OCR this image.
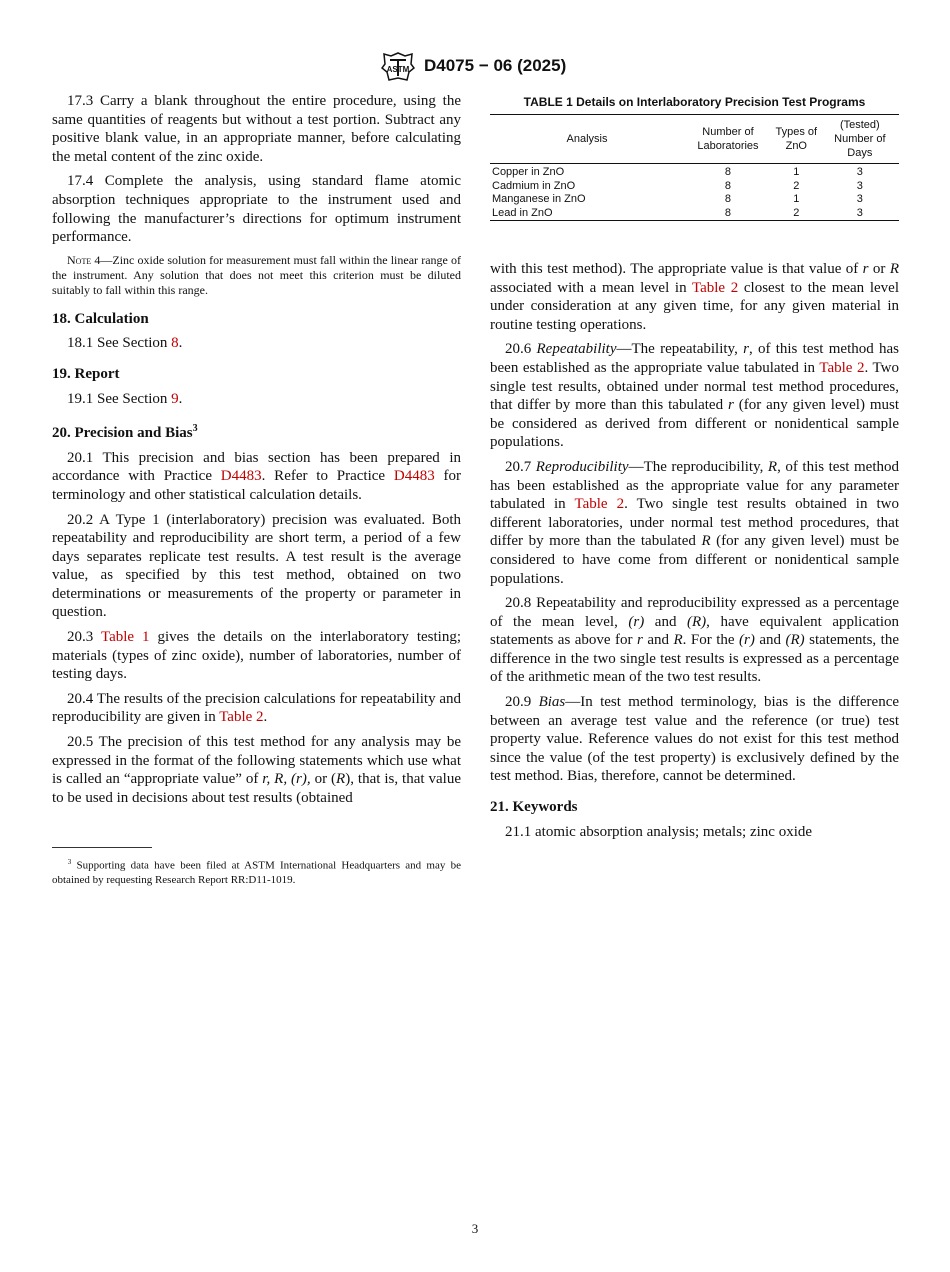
ASTM D4075 − 06 (2025)

17.3 Carry a blank throughout the entire procedure, using the same quantities of reagents but without a test portion. Subtract any positive blank value, in an appropriate manner, before calculating the metal content of the zinc oxide.

17.4 Complete the analysis, using standard flame atomic absorption techniques appropriate to the instrument used and following the manufacturer’s directions for optimum instrument performance.

Note 4—Zinc oxide solution for measurement must fall within the linear range of the instrument. Any solution that does not meet this criterion must be diluted suitably to fall within this range.

18. Calculation

18.1 See Section 8.

19. Report

19.1 See Section 9.

20. Precision and Bias$^3$

20.1 This precision and bias section has been prepared in accordance with Practice D4483. Refer to Practice D4483 for terminology and other statistical calculation details.

20.2 A Type 1 (interlaboratory) precision was evaluated. Both repeatability and reproducibility are short term, a period of a few days separates replicate test results. A test result is the average value, as specified by this test method, obtained on two determinations or measurements of the property or parameter in question.

20.3 Table 1 gives the details on the interlaboratory testing; materials (types of zinc oxide), number of laboratories, number of testing days.

20.4 The results of the precision calculations for repeatability and reproducibility are given in Table 2.

20.5 The precision of this test method for any analysis may be expressed in the format of the following statements which use what is called an “appropriate value” of r, R, (r), or (R), that is, that value to be used in decisions about test results (obtained

TABLE 1 Details on Interlaboratory Precision Test Programs
Analysis	Number of Laboratories	Types of ZnO	(Tested) Number of Days
Copper in ZnO	8	1	3
Cadmium in ZnO	8	2	3
Manganese in ZnO	8	1	3
Lead in ZnO	8	2	3

with this test method). The appropriate value is that value of r or R associated with a mean level in Table 2 closest to the mean level under consideration at any given time, for any given material in routine testing operations.

20.6 Repeatability—The repeatability, r, of this test method has been established as the appropriate value tabulated in Table 2. Two single test results, obtained under normal test method procedures, that differ by more than this tabulated r (for any given level) must be considered as derived from different or nonidentical sample populations.

20.7 Reproducibility—The reproducibility, R, of this test method has been established as the appropriate value for any parameter tabulated in Table 2. Two single test results obtained in two different laboratories, under normal test method procedures, that differ by more than the tabulated R (for any given level) must be considered to have come from different or nonidentical sample populations.

20.8 Repeatability and reproducibility expressed as a percentage of the mean level, (r) and (R), have equivalent application statements as above for r and R. For the (r) and (R) statements, the difference in the two single test results is expressed as a percentage of the arithmetic mean of the two test results.

20.9 Bias—In test method terminology, bias is the difference between an average test value and the reference (or true) test property value. Reference values do not exist for this test method since the value (of the test property) is exclusively defined by the test method. Bias, therefore, cannot be determined.

21. Keywords

21.1 atomic absorption analysis; metals; zinc oxide

$^3$ Supporting data have been filed at ASTM International Headquarters and may be obtained by requesting Research Report RR:D11-1019.
3
